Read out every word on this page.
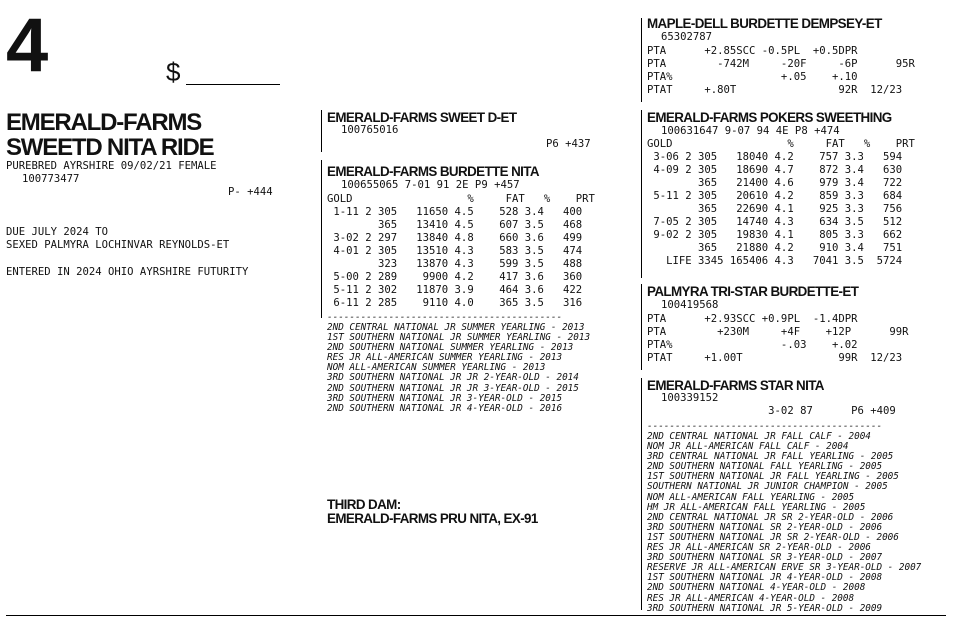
4	$
EMERALD-FARMS
SWEETD NITA RIDE
PUREBRED AYRSHIRE 09/02/21 FEMALE
100773477
P- +444
DUE JULY 2024 TO
SEXED PALMYRA LOCHINVAR REYNOLDS-ET
ENTERED IN 2024 OHIO AYRSHIRE FUTURITY
EMERALD-FARMS SWEET D-ET
100765016
P6 +437
EMERALD-FARMS BURDETTE NITA
100655065 7-01 91 2E P9 +457
GOLD                  %     FAT   %    PRT
1-11 2 305   11650 4.5    528 3.4   400
365   13410 4.5    607 3.5   468
3-02 2 297   13840 4.8    660 3.6   499
4-01 2 305   13510 4.3    583 3.5   474
323   13870 4.3    599 3.5   488
5-00 2 289    9900 4.2    417 3.6   360
5-11 2 302   11870 3.9    464 3.6   422
6-11 2 285    9110 4.0    365 3.5   316
------------------------------------------
2ND CENTRAL NATIONAL JR SUMMER YEARLING - 2013
1ST SOUTHERN NATIONAL JR SUMMER YEARLING - 2013
2ND SOUTHERN NATIONAL SUMMER YEARLING - 2013
RES JR ALL-AMERICAN SUMMER YEARLING - 2013
NOM ALL-AMERICAN SUMMER YEARLING - 2013
3RD SOUTHERN NATIONAL JR JR 2-YEAR-OLD - 2014
2ND SOUTHERN NATIONAL JR JR 3-YEAR-OLD - 2015
3RD SOUTHERN NATIONAL JR 3-YEAR-OLD - 2015
2ND SOUTHERN NATIONAL JR 4-YEAR-OLD - 2016
THIRD DAM:
EMERALD-FARMS PRU NITA, EX-91
MAPLE-DELL BURDETTE DEMPSEY-ET
65302787
PTA      +2.85SCC -0.5PL  +0.5DPR
PTA        -742M     -20F     -6P      95R
PTA%                 +.05    +.10
PTAT     +.80T                92R  12/23
EMERALD-FARMS POKERS SWEETHING
100631647 9-07 94 4E P8 +474
GOLD                  %     FAT   %    PRT
3-06 2 305   18040 4.2    757 3.3   594
4-09 2 305   18690 4.7    872 3.4   630
365   21400 4.6    979 3.4   722
5-11 2 305   20610 4.2    859 3.3   684
365   22690 4.1    925 3.3   756
7-05 2 305   14740 4.3    634 3.5   512
9-02 2 305   19830 4.1    805 3.3   662
365   21880 4.2    910 3.4   751
LIFE 3345 165406 4.3   7041 3.5  5724
PALMYRA TRI-STAR BURDETTE-ET
100419568
PTA      +2.93SCC +0.9PL  -1.4DPR
PTA        +230M     +4F    +12P      99R
PTA%                 -.03    +.02
PTAT     +1.00T               99R  12/23
EMERALD-FARMS STAR NITA
100339152
3-02 87      P6 +409
------------------------------------------
2ND CENTRAL NATIONAL JR FALL CALF - 2004
NOM JR ALL-AMERICAN FALL CALF - 2004
3RD CENTRAL NATIONAL JR FALL YEARLING - 2005
2ND SOUTHERN NATIONAL FALL YEARLING - 2005
1ST SOUTHERN NATIONAL JR FALL YEARLING - 2005
SOUTHERN NATIONAL JR JUNIOR CHAMPION - 2005
NOM ALL-AMERICAN FALL YEARLING - 2005
HM JR ALL-AMERICAN FALL YEARLING - 2005
2ND CENTRAL NATIONAL JR SR 2-YEAR-OLD - 2006
3RD SOUTHERN NATIONAL SR 2-YEAR-OLD - 2006
1ST SOUTHERN NATIONAL JR SR 2-YEAR-OLD - 2006
RES JR ALL-AMERICAN SR 2-YEAR-OLD - 2006
3RD SOUTHERN NATIONAL SR 3-YEAR-OLD - 2007
RESERVE JR ALL-AMERICAN ERVE SR 3-YEAR-OLD - 2007
1ST SOUTHERN NATIONAL JR 4-YEAR-OLD - 2008
2ND SOUTHERN NATIONAL 4-YEAR-OLD - 2008
RES JR ALL-AMERICAN 4-YEAR-OLD - 2008
3RD SOUTHERN NATIONAL JR 5-YEAR-OLD - 2009
